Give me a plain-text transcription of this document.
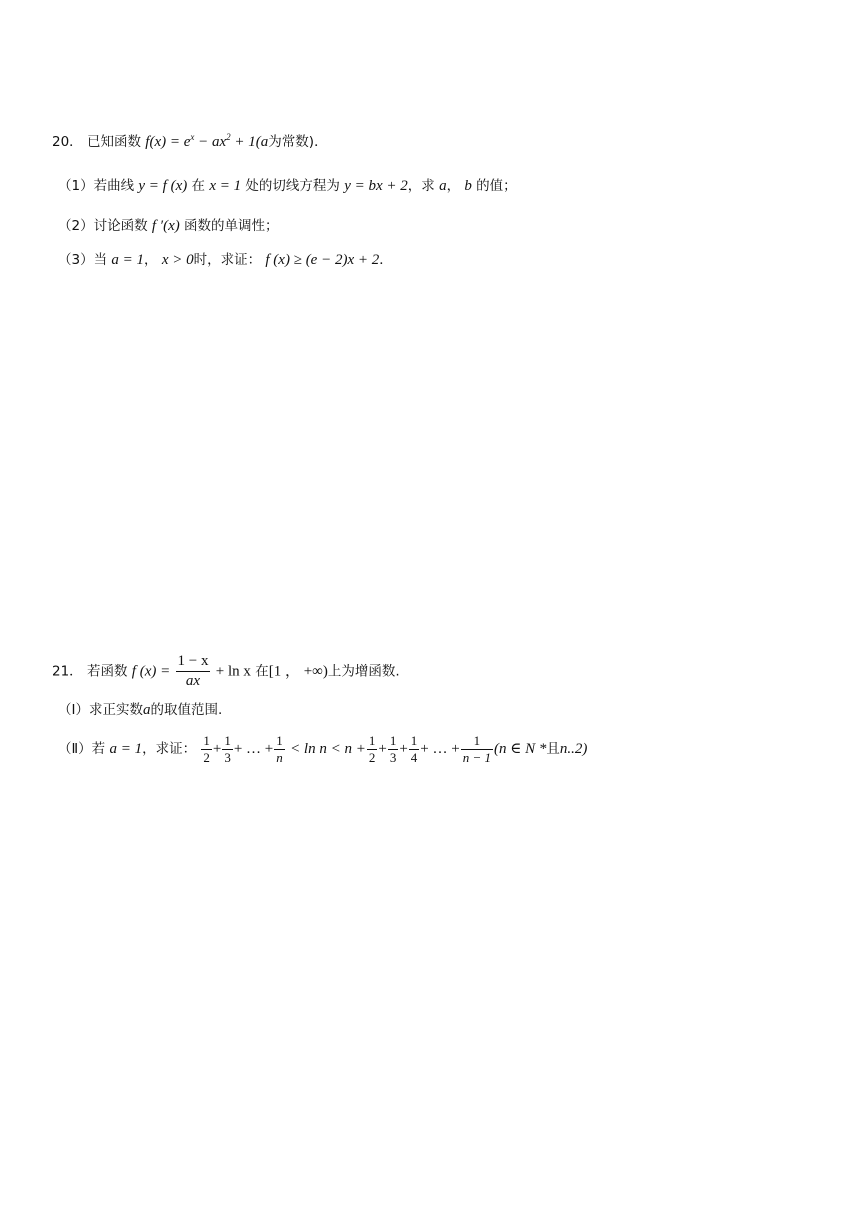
20． 已知函数 $f(x) = e^x - ax^2 + 1(a$为常数)．
（1）若曲线 y = f (x) 在 x = 1 处的切线方程为 y = bx + 2，求 a， b 的值；
（2）讨论函数 f ′(x) 函数的单调性；
（3）当 a = 1， x > 0时，求证： f (x) ≥ (e − 2)x + 2．
21． 若函数 f $(x) = \frac{1 - x}{ax} + \ln x$ 在[1 ， +∞)上为增函数.
（Ⅰ）求正实数a的取值范围.
（Ⅱ）若 a = 1，求证： $\frac{1}{2} + \frac{1}{3}$ + … + $\frac{1}{n} < \ln n < n + \frac{1}{2} + \frac{1}{3} + \frac{1}{4}$ + … + $\frac{1}{n - 1} (n$ ∈ N *且n..2)
